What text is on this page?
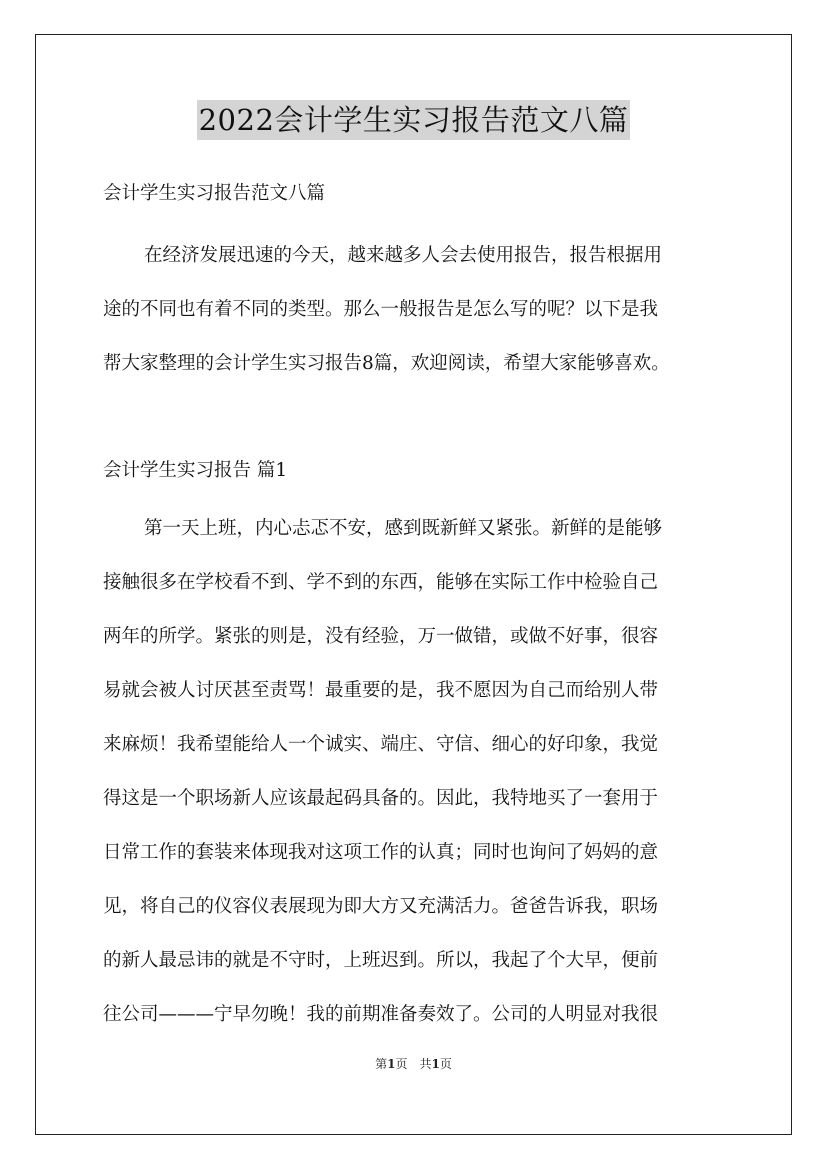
2022会计学生实习报告范文八篇
会计学生实习报告范文八篇
在经济发展迅速的今天，越来越多人会去使用报告，报告根据用
途的不同也有着不同的类型。那么一般报告是怎么写的呢？以下是我
帮大家整理的会计学生实习报告8篇，欢迎阅读，希望大家能够喜欢。
会计学生实习报告 篇1
第一天上班，内心忐忑不安，感到既新鲜又紧张。新鲜的是能够
接触很多在学校看不到、学不到的东西，能够在实际工作中检验自己
两年的所学。紧张的则是，没有经验，万一做错，或做不好事，很容
易就会被人讨厌甚至责骂！最重要的是，我不愿因为自己而给别人带
来麻烦！我希望能给人一个诚实、端庄、守信、细心的好印象，我觉
得这是一个职场新人应该最起码具备的。因此，我特地买了一套用于
日常工作的套装来体现我对这项工作的认真；同时也询问了妈妈的意
见，将自己的仪容仪表展现为即大方又充满活力。爸爸告诉我，职场
的新人最忌讳的就是不守时，上班迟到。所以，我起了个大早，便前
往公司———宁早勿晚！我的前期准备奏效了。公司的人明显对我很
第1页　共1页
